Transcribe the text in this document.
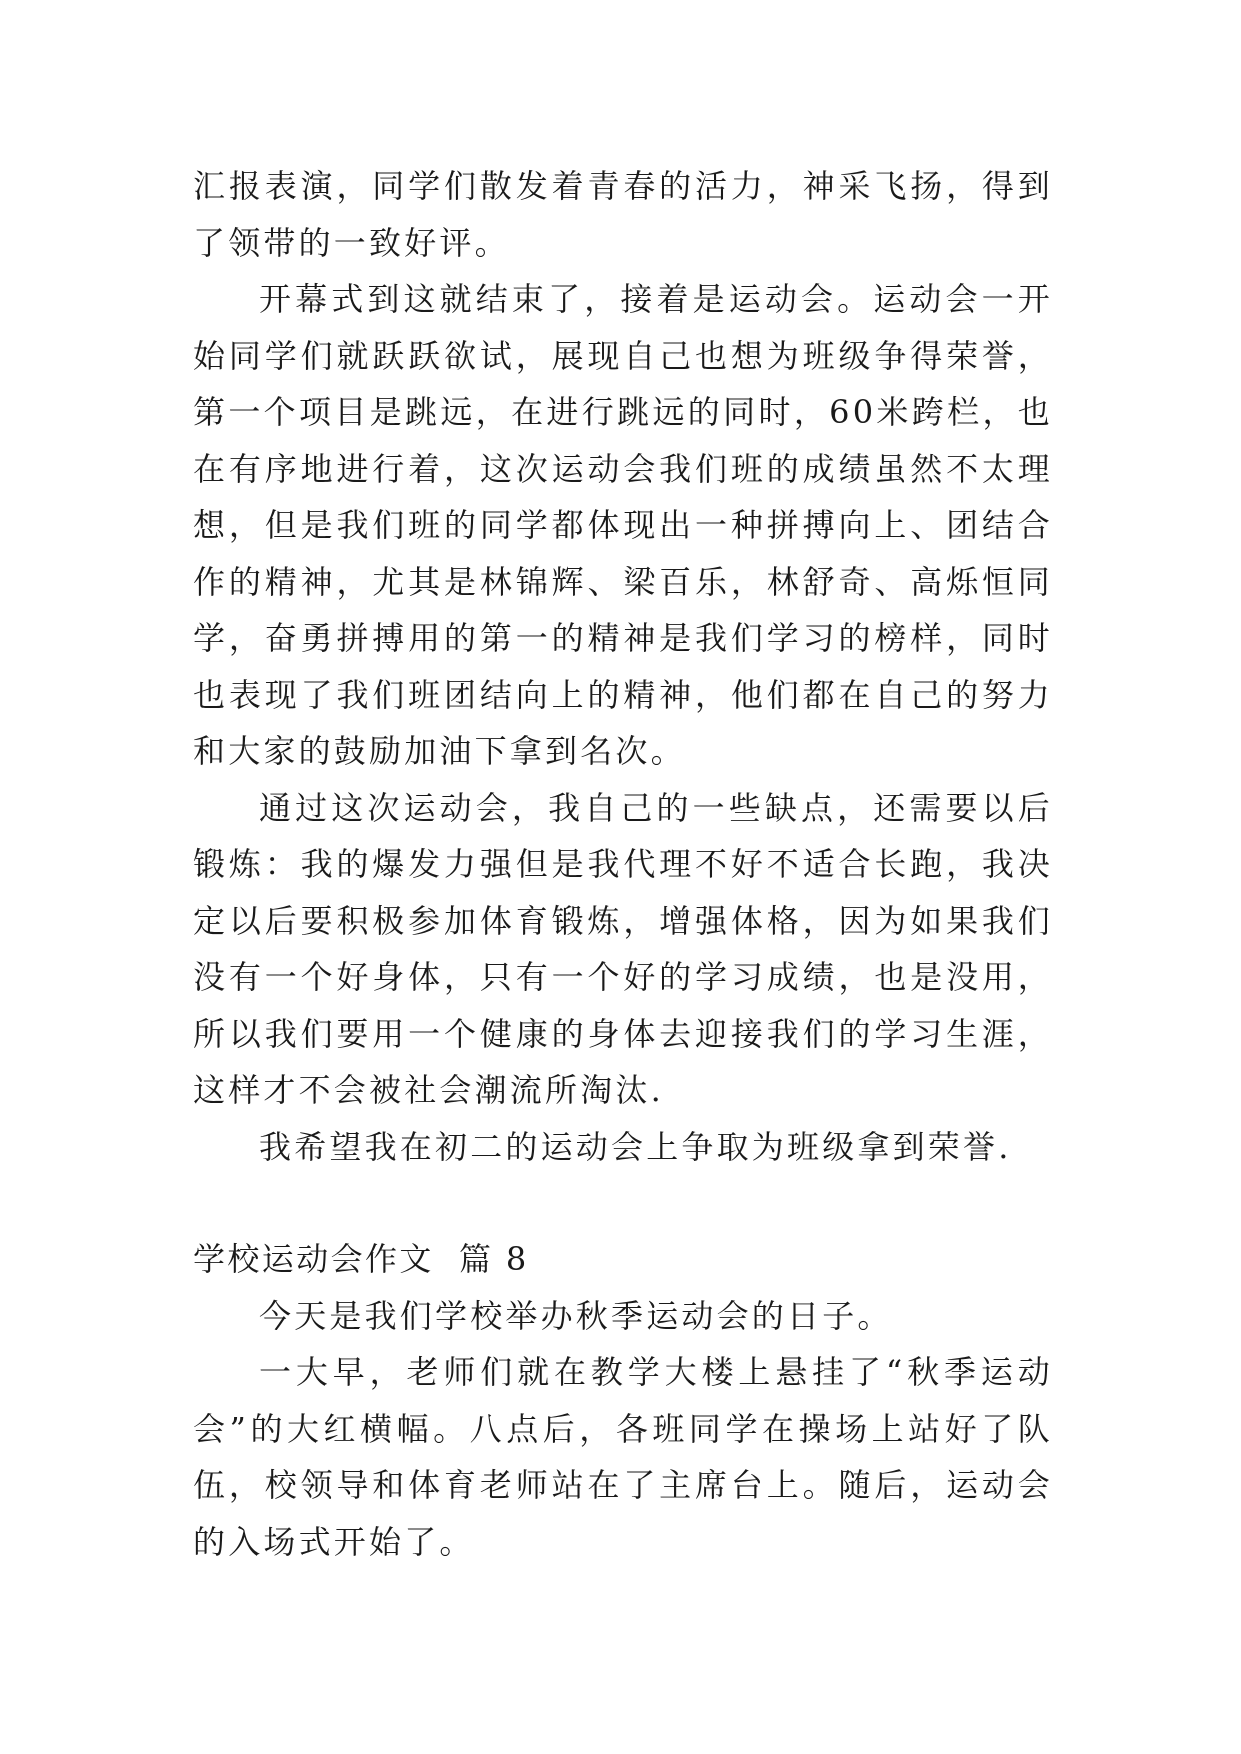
汇报表演，同学们散发着青春的活力，神采飞扬，得到了领带的一致好评。

开幕式到这就结束了，接着是运动会。运动会一开始同学们就跃跃欲试，展现自己也想为班级争得荣誉，第一个项目是跳远，在进行跳远的同时，60米跨栏，也在有序地进行着，这次运动会我们班的成绩虽然不太理想，但是我们班的同学都体现出一种拼搏向上、团结合作的精神，尤其是林锦辉、梁百乐，林舒奇、高烁恒同学，奋勇拼搏用的第一的精神是我们学习的榜样，同时也表现了我们班团结向上的精神，他们都在自己的努力和大家的鼓励加油下拿到名次。

通过这次运动会，我自己的一些缺点，还需要以后锻炼：我的爆发力强但是我代理不好不适合长跑，我决定以后要积极参加体育锻炼，增强体格，因为如果我们没有一个好身体，只有一个好的学习成绩，也是没用，所以我们要用一个健康的身体去迎接我们的学习生涯，这样才不会被社会潮流所淘汰.

我希望我在初二的运动会上争取为班级拿到荣誉.

学校运动会作文  篇 8

今天是我们学校举办秋季运动会的日子。

一大早，老师们就在教学大楼上悬挂了“秋季运动会”的大红横幅。八点后，各班同学在操场上站好了队伍，校领导和体育老师站在了主席台上。随后，运动会的入场式开始了。
